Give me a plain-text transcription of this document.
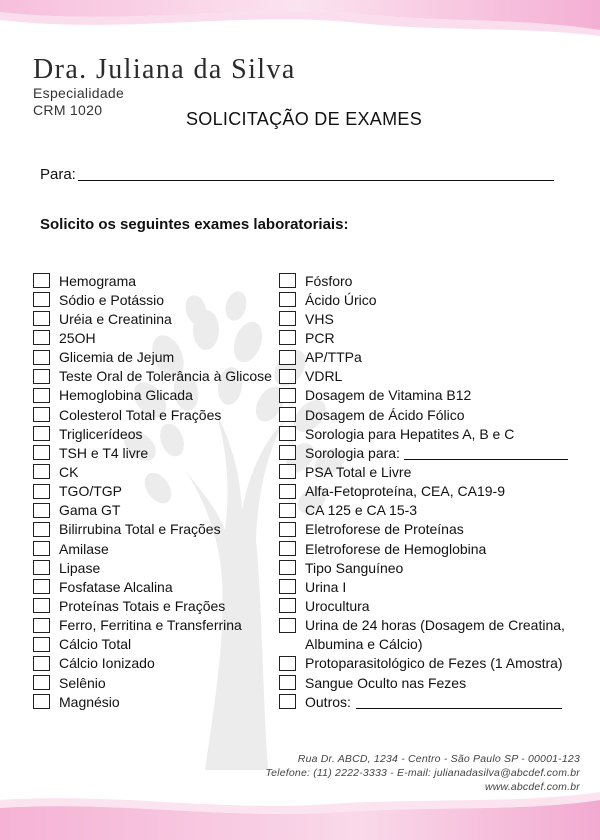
Dra. Juliana da Silva
Especialidade
CRM 1020	SOLICITAÇÃO DE EXAMES
Para:
Solicito os seguintes exames laboratoriais:
Hemograma
Sódio e Potássio
Uréia e Creatinina
25OH
Glicemia de Jejum
Teste Oral de Tolerância à Glicose
Hemoglobina Glicada
Colesterol Total e Frações
Triglicerídeos
TSH e T4 livre
CK
TGO/TGP
Gama GT
Bilirrubina Total e Frações
Amilase
Lipase
Fosfatase Alcalina
Proteínas Totais e Frações
Ferro, Ferritina e Transferrina
Cálcio Total
Cálcio Ionizado
Selênio
Magnésio
Fósforo
Ácido Úrico
VHS
PCR
AP/TTPa
VDRL
Dosagem de Vitamina B12
Dosagem de Ácido Fólico
Sorologia para Hepatites A, B e C
Sorologia para:
PSA Total e Livre
Alfa-Fetoproteína, CEA, CA19-9
CA 125 e CA 15-3
Eletroforese de Proteínas
Eletroforese de Hemoglobina
Tipo Sanguíneo
Urina I
Urocultura
Urina de 24 horas (Dosagem de Creatina, Albumina e Cálcio)
Protoparasitológico de Fezes (1 Amostra)
Sangue Oculto nas Fezes
Outros:
Rua Dr. ABCD, 1234 - Centro - São Paulo SP - 00001-123
Telefone: (11) 2222-3333 - E-mail: julianadasilva@abcdef.com.br
www.abcdef.com.br
